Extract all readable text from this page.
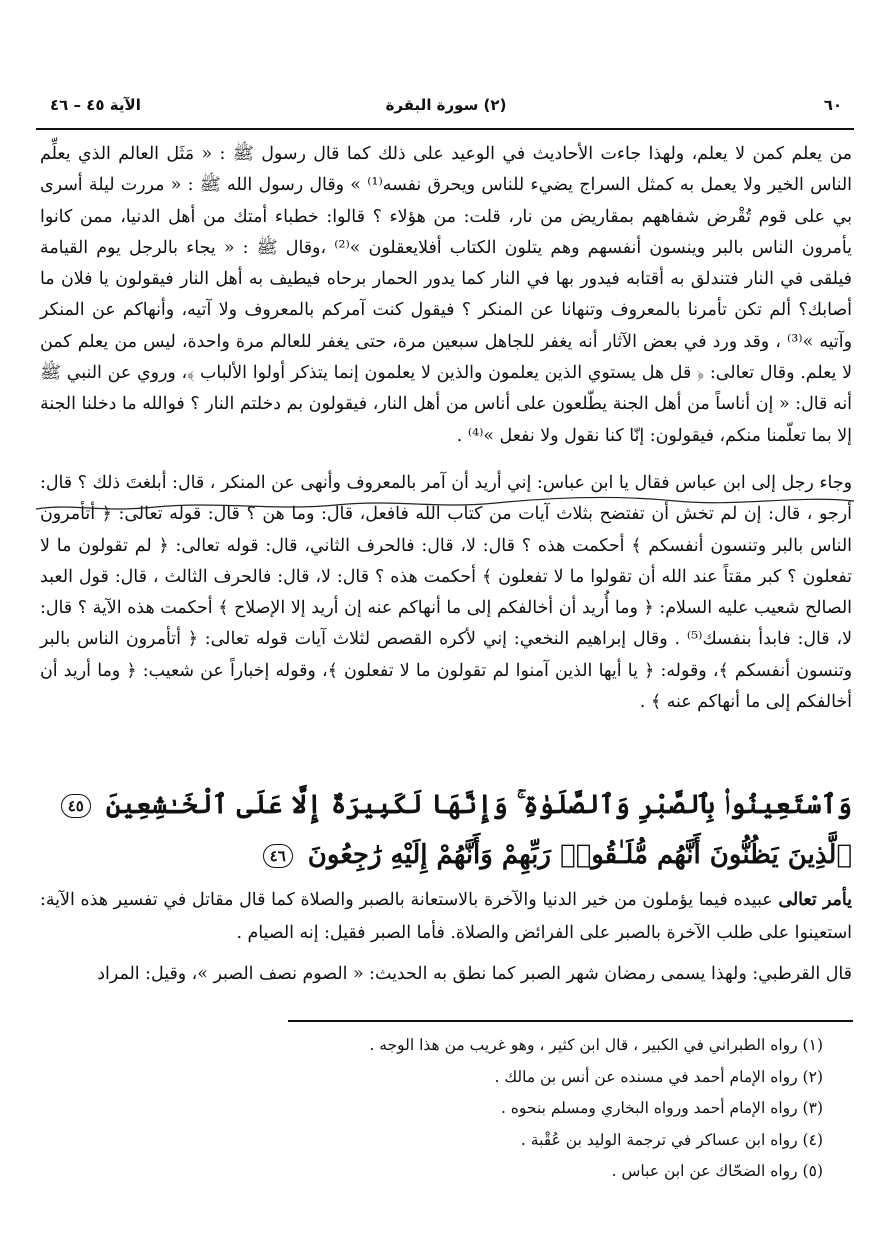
٦٠
(٢) سورة البقرة
الآية ٤٥ – ٤٦

من يعلم كمن لا يعلم، ولهذا جاءت الأحاديث في الوعيد على ذلك كما قال رسول ﷺ : « مَثَل العالم الذي يعلِّم الناس الخير ولا يعمل به كمثل السراج يضيء للناس ويحرق نفسه⁽¹⁾ » وقال رسول الله ﷺ : « مررت ليلة أسرى بي على قوم تُقْرض شفاههم بمقاريض من نار، قلت: من هؤلاء ؟ قالوا: خطباء أمتك من أهل الدنيا، ممن كانوا يأمرون الناس بالبر وينسون أنفسهم وهم يتلون الكتاب أفلايعقلون »⁽²⁾ ،وقال ﷺ : « يجاء بالرجل يوم القيامة فيلقى في النار فتندلق به أقتابه فيدور بها في النار كما يدور الحمار برحاه فيطيف به أهل النار فيقولون يا فلان ما أصابك؟ ألم تكن تأمرنا بالمعروف وتنهانا عن المنكر ؟ فيقول كنت آمركم بالمعروف ولا آتيه، وأنهاكم عن المنكر وآتيه »⁽³⁾ ، وقد ورد في بعض الآثار أنه يغفر للجاهل سبعين مرة، حتى يغفر للعالم مرة واحدة، ليس من يعلم كمن لا يعلم. وقال تعالى: ﴿ قل هل يستوي الذين يعلمون والذين لا يعلمون إنما يتذكر أولوا الألباب ﴾، وروي عن النبي ﷺ أنه قال: « إن أناساً من أهل الجنة يطّلعون على أناس من أهل النار، فيقولون بم دخلتم النار ؟ فوالله ما دخلنا الجنة إلا بما تعلّمنا منكم، فيقولون: إنّا كنا نقول ولا نفعل »⁽⁴⁾ .

وجاء رجل إلى ابن عباس فقال يا ابن عباس: إني أريد أن آمر بالمعروف وأنهى عن المنكر ، قال: أبلغتَ ذلك ؟ قال: أرجو ، قال: إن لم تخش أن تفتضح بثلاث آيات من كتاب الله فافعل، قال: وما هن ؟ قال: قوله تعالى: ﴿ أتأمرون الناس بالبر وتنسون أنفسكم ﴾ أحكمت هذه ؟ قال: لا، قال: فالحرف الثاني، قال: قوله تعالى: ﴿ لم تقولون ما لا تفعلون ؟ كبر مقتاً عند الله أن تقولوا ما لا تفعلون ﴾ أحكمت هذه ؟ قال: لا، قال: فالحرف الثالث ، قال: قول العبد الصالح شعيب عليه السلام: ﴿ وما أُريد أن أخالفكم إلى ما أنهاكم عنه إن أريد إلا الإصلاح ﴾ أحكمت هذه الآية ؟ قال: لا، قال: فابدأ بنفسك⁽⁵⁾ . وقال إبراهيم النخعي: إني لأكره القصص لثلاث آيات قوله تعالى: ﴿ أتأمرون الناس بالبر وتنسون أنفسكم ﴾، وقوله: ﴿ يا أيها الذين آمنوا لم تقولون ما لا تفعلون ﴾، وقوله إخباراً عن شعيب: ﴿ وما أريد أن أخالفكم إلى ما أنهاكم عنه ﴾ .

وَٱسْتَعِينُوا۟ بِٱلصَّبْرِ وَٱلصَّلَوٰةِ ۚ وَإِنَّهَا لَكَبِيرَةٌ إِلَّا عَلَى ٱلْخَـٰشِعِينَ ٤٥ ٱلَّذِينَ يَظُنُّونَ أَنَّهُم مُّلَـٰقُوا۟ رَبِّهِمْ وَأَنَّهُمْ إِلَيْهِ رَٰجِعُونَ ٤٦

يأمر تعالى عبيده فيما يؤملون من خير الدنيا والآخرة بالاستعانة بالصبر والصلاة كما قال مقاتل في تفسير هذه الآية: استعينوا على طلب الآخرة بالصبر على الفرائض والصلاة. فأما الصبر فقيل: إنه الصيام .

قال القرطبي: ولهذا يسمى رمضان شهر الصبر كما نطق به الحديث: « الصوم نصف الصبر »، وقيل: المراد

(١) رواه الطبراني في الكبير ، قال ابن كثير ، وهو غريب من هذا الوجه .
(٢) رواه الإمام أحمد في مسنده عن أنس بن مالك .
(٣) رواه الإمام أحمد ورواه البخاري ومسلم بنحوه .
(٤) رواه ابن عساكر في ترجمة الوليد بن عُقْبة .
(٥) رواه الضحّاك عن ابن عباس .
